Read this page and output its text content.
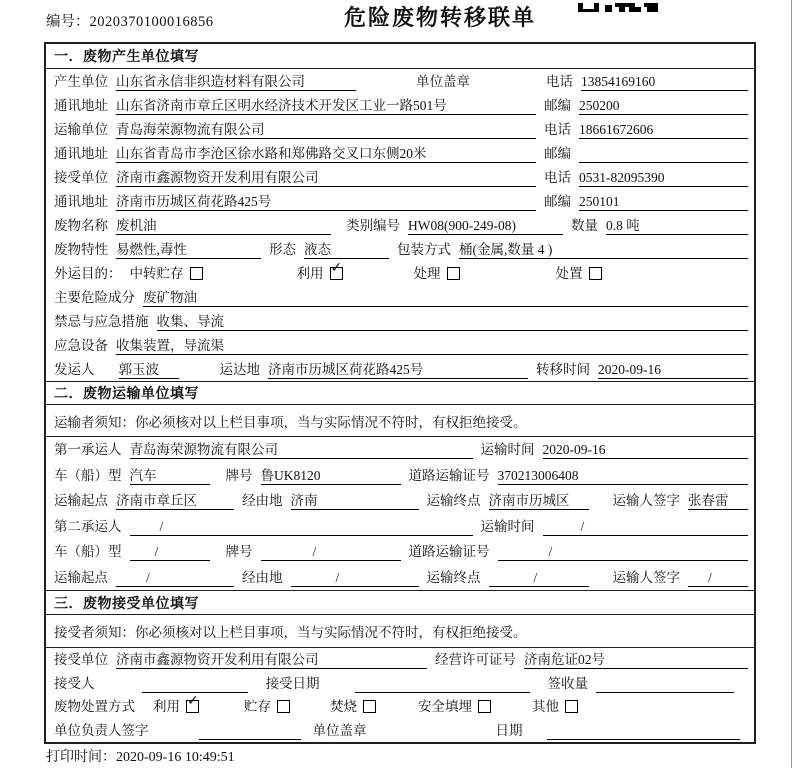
编号：2020370100016856	危险废物转移联单
一．废物产生单位填写
产生单位 山东省永信非织造材料有限公司	单位盖章	电话 13854169160
通讯地址 山东省济南市章丘区明水经济技术开发区工业一路501号	邮编 250200
运输单位 青岛海荣源物流有限公司	电话 18661672606
通讯地址 山东省青岛市李沧区徐水路和郑佛路交叉口东侧20米	邮编
接受单位 济南市鑫源物资开发利用有限公司	电话 0531-82095390
通讯地址 济南市历城区荷花路425号	邮编 250101
废物名称 废机油	类别编号 HW08(900-249-08)	数量 0.8 吨
废物特性 易燃性,毒性	形态 液态	包装方式 桶(金属,数量 4 )
外运目的： 中转贮存	利用 ✓	处理	处置
主要危险成分 废矿物油
禁忌与应急措施 收集、导流
应急设备 收集装置，导流渠
发运人 郭玉波	运达地 济南市历城区荷花路425号	转移时间 2020-09-16
二．废物运输单位填写
运输者须知：你必须核对以上栏目事项，当与实际情况不符时，有权拒绝接受。
第一承运人 青岛海荣源物流有限公司	运输时间 2020-09-16
车（船）型 汽车	牌号 鲁UK8120	道路运输证号 370213006408
运输起点 济南市章丘区	经由地 济南	运输终点 济南市历城区	运输人签字 张春雷
第二承运人	/	运输时间	/
车（船）型	/	牌号	/	道路运输证号	/
运输起点	/	经由地	/	运输终点	/	运输人签字	/
三．废物接受单位填写
接受者须知：你必须核对以上栏目事项，当与实际情况不符时，有权拒绝接受。
接受单位 济南市鑫源物资开发利用有限公司	经营许可证号 济南危证02号
接受人	接受日期	签收量
废物处置方式 利用 ✓	贮存	焚烧	安全填埋	其他
单位负责人签字	单位盖章	日期
打印时间：2020-09-16 10:49:51
